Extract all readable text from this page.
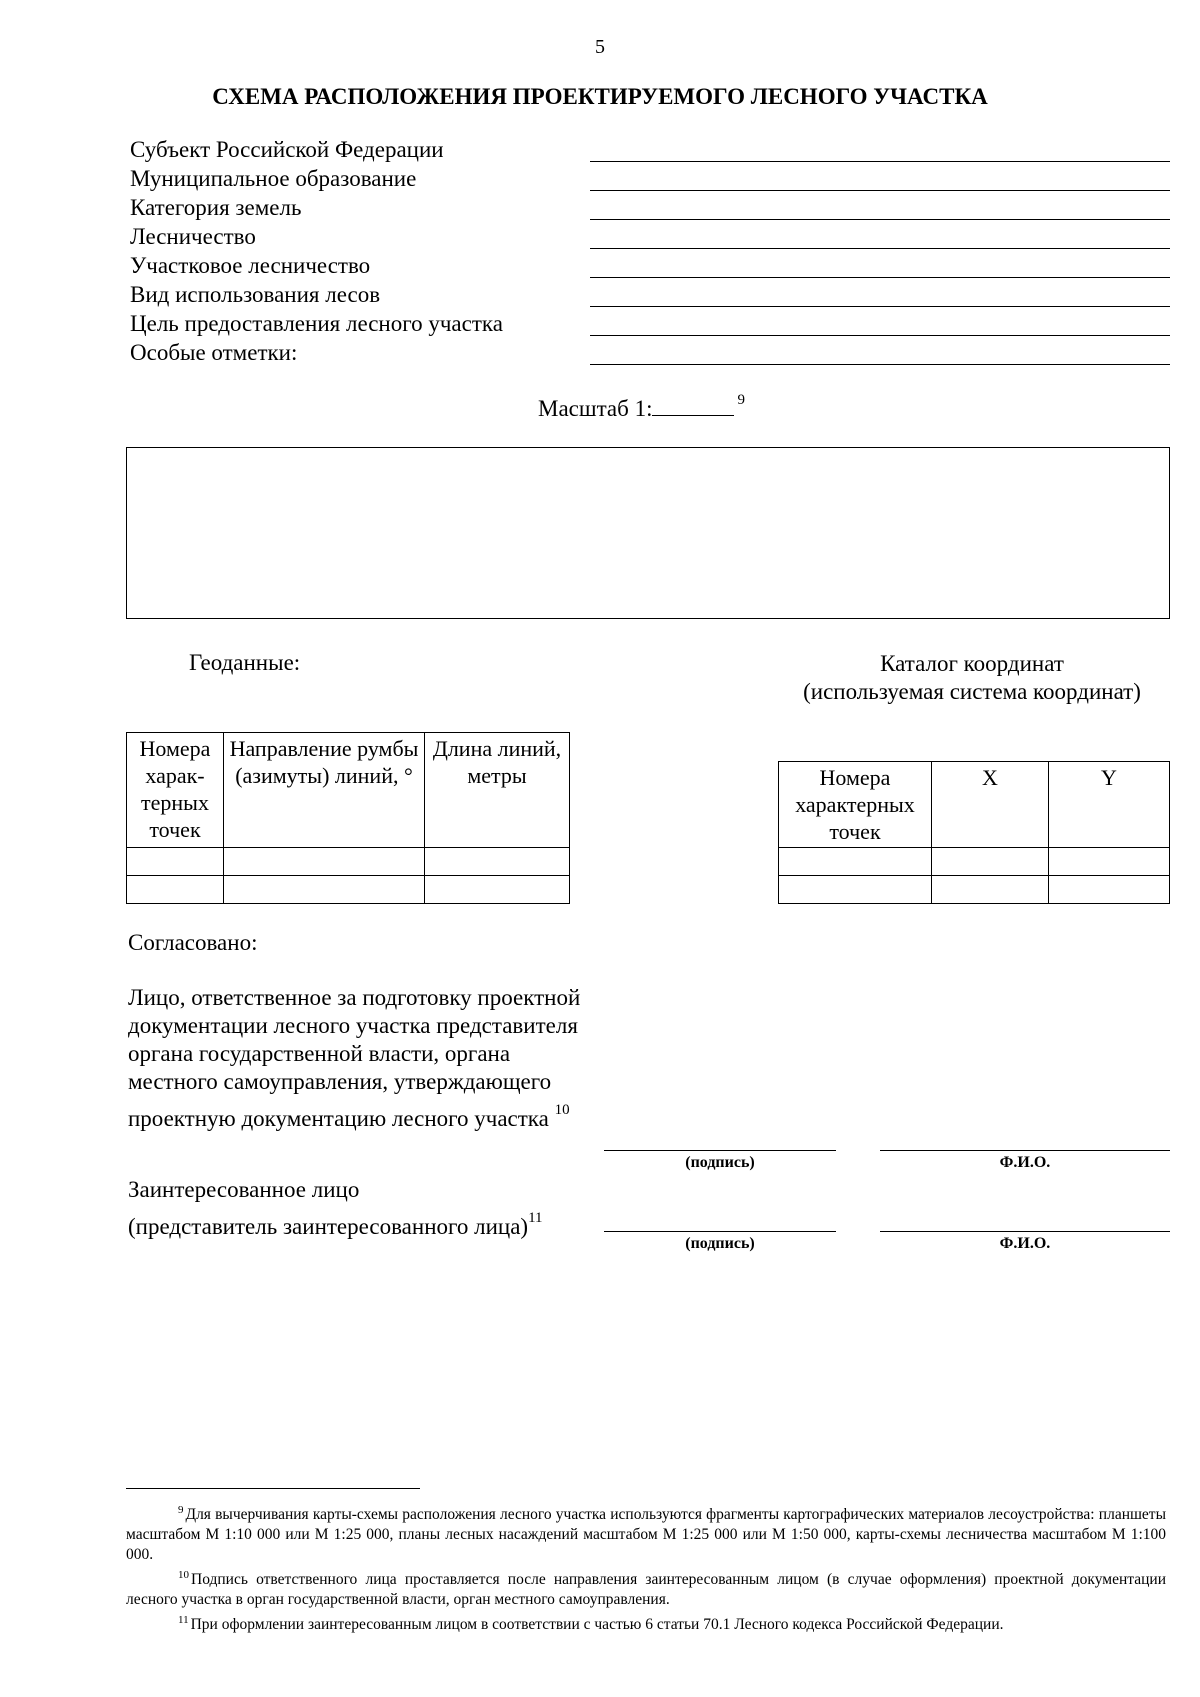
5
СХЕМА РАСПОЛОЖЕНИЯ ПРОЕКТИРУЕМОГО ЛЕСНОГО УЧАСТКА
Субъект Российской Федерации
Муниципальное образование
Категория земель
Лесничество
Участковое лесничество
Вид использования лесов
Цель предоставления лесного участка
Особые отметки:
Масштаб 1:	$^9$
Геоданные:	Каталог координат
(используемая система координат)
Номера харак-терных точек	Направление румбы (азимуты) линий, °	Длина линий, метры

			Номера характерных точек	X	Y

Согласовано:
Лицо, ответственное за подготовку проектной документации лесного участка представителя органа государственной власти, органа местного самоуправления, утверждающего проектную документацию лесного участка $^{10}$
(подпись)	Ф.И.О.
Заинтересованное лицо
(представитель заинтересованного лица)$^{11}$
(подпись)	Ф.И.О.

$^9$ Для вычерчивания карты-схемы расположения лесного участка используются фрагменты картографических материалов лесоустройства: планшеты масштабом М 1:10 000 или М 1:25 000, планы лесных насаждений масштабом М 1:25 000 или М 1:50 000, карты-схемы лесничества масштабом М 1:100 000.

$^{10}$ Подпись ответственного лица проставляется после направления заинтересованным лицом (в случае оформления) проектной документации лесного участка в орган государственной власти, орган местного самоуправления.

$^{11}$ При оформлении заинтересованным лицом в соответствии с частью 6 статьи 70.1 Лесного кодекса Российской Федерации.
